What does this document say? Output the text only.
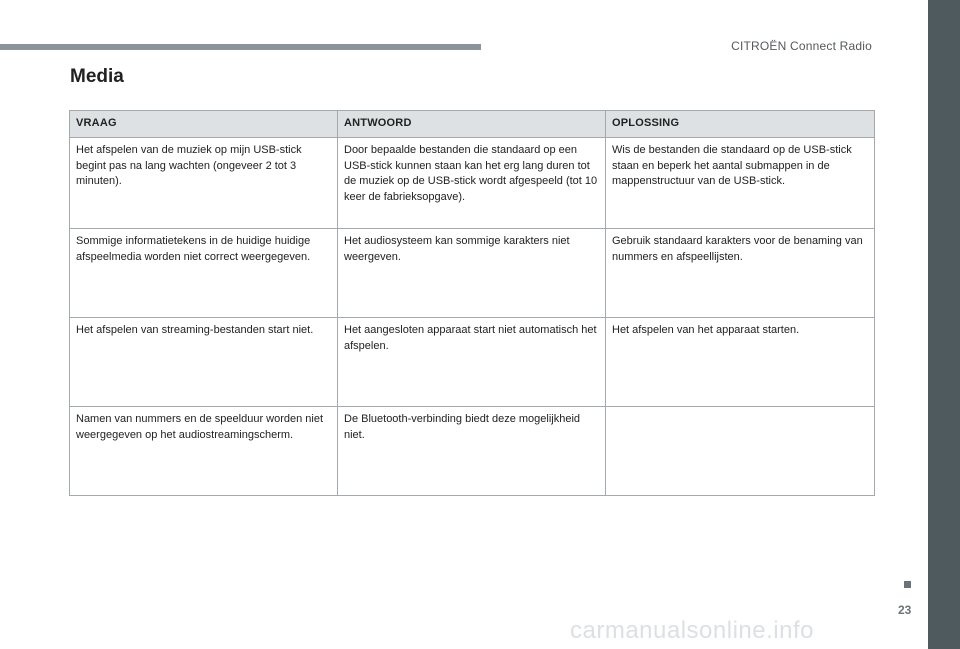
CITROËN Connect Radio
Media
VRAAG	ANTWOORD	OPLOSSING
Het afspelen van de muziek op mijn USB-stick begint pas na lang wachten (ongeveer 2 tot 3 minuten).	Door bepaalde bestanden die standaard op een USB-stick kunnen staan kan het erg lang duren tot de muziek op de USB-stick wordt afgespeeld (tot 10 keer de fabrieksopgave).	Wis de bestanden die standaard op de USB-stick staan en beperk het aantal submappen in de mappenstructuur van de USB-stick.
Sommige informatietekens in de huidige huidige afspeelmedia worden niet correct weergegeven.	Het audiosysteem kan sommige karakters niet weergeven.	Gebruik standaard karakters voor de benaming van nummers en afspeellijsten.
Het afspelen van streaming-bestanden start niet.	Het aangesloten apparaat start niet automatisch het afspelen.	Het afspelen van het apparaat starten.
Namen van nummers en de speelduur worden niet weergegeven op het audiostreamingscherm.	De Bluetooth-verbinding biedt deze mogelijkheid niet.	
23
carmanualsonline.info
